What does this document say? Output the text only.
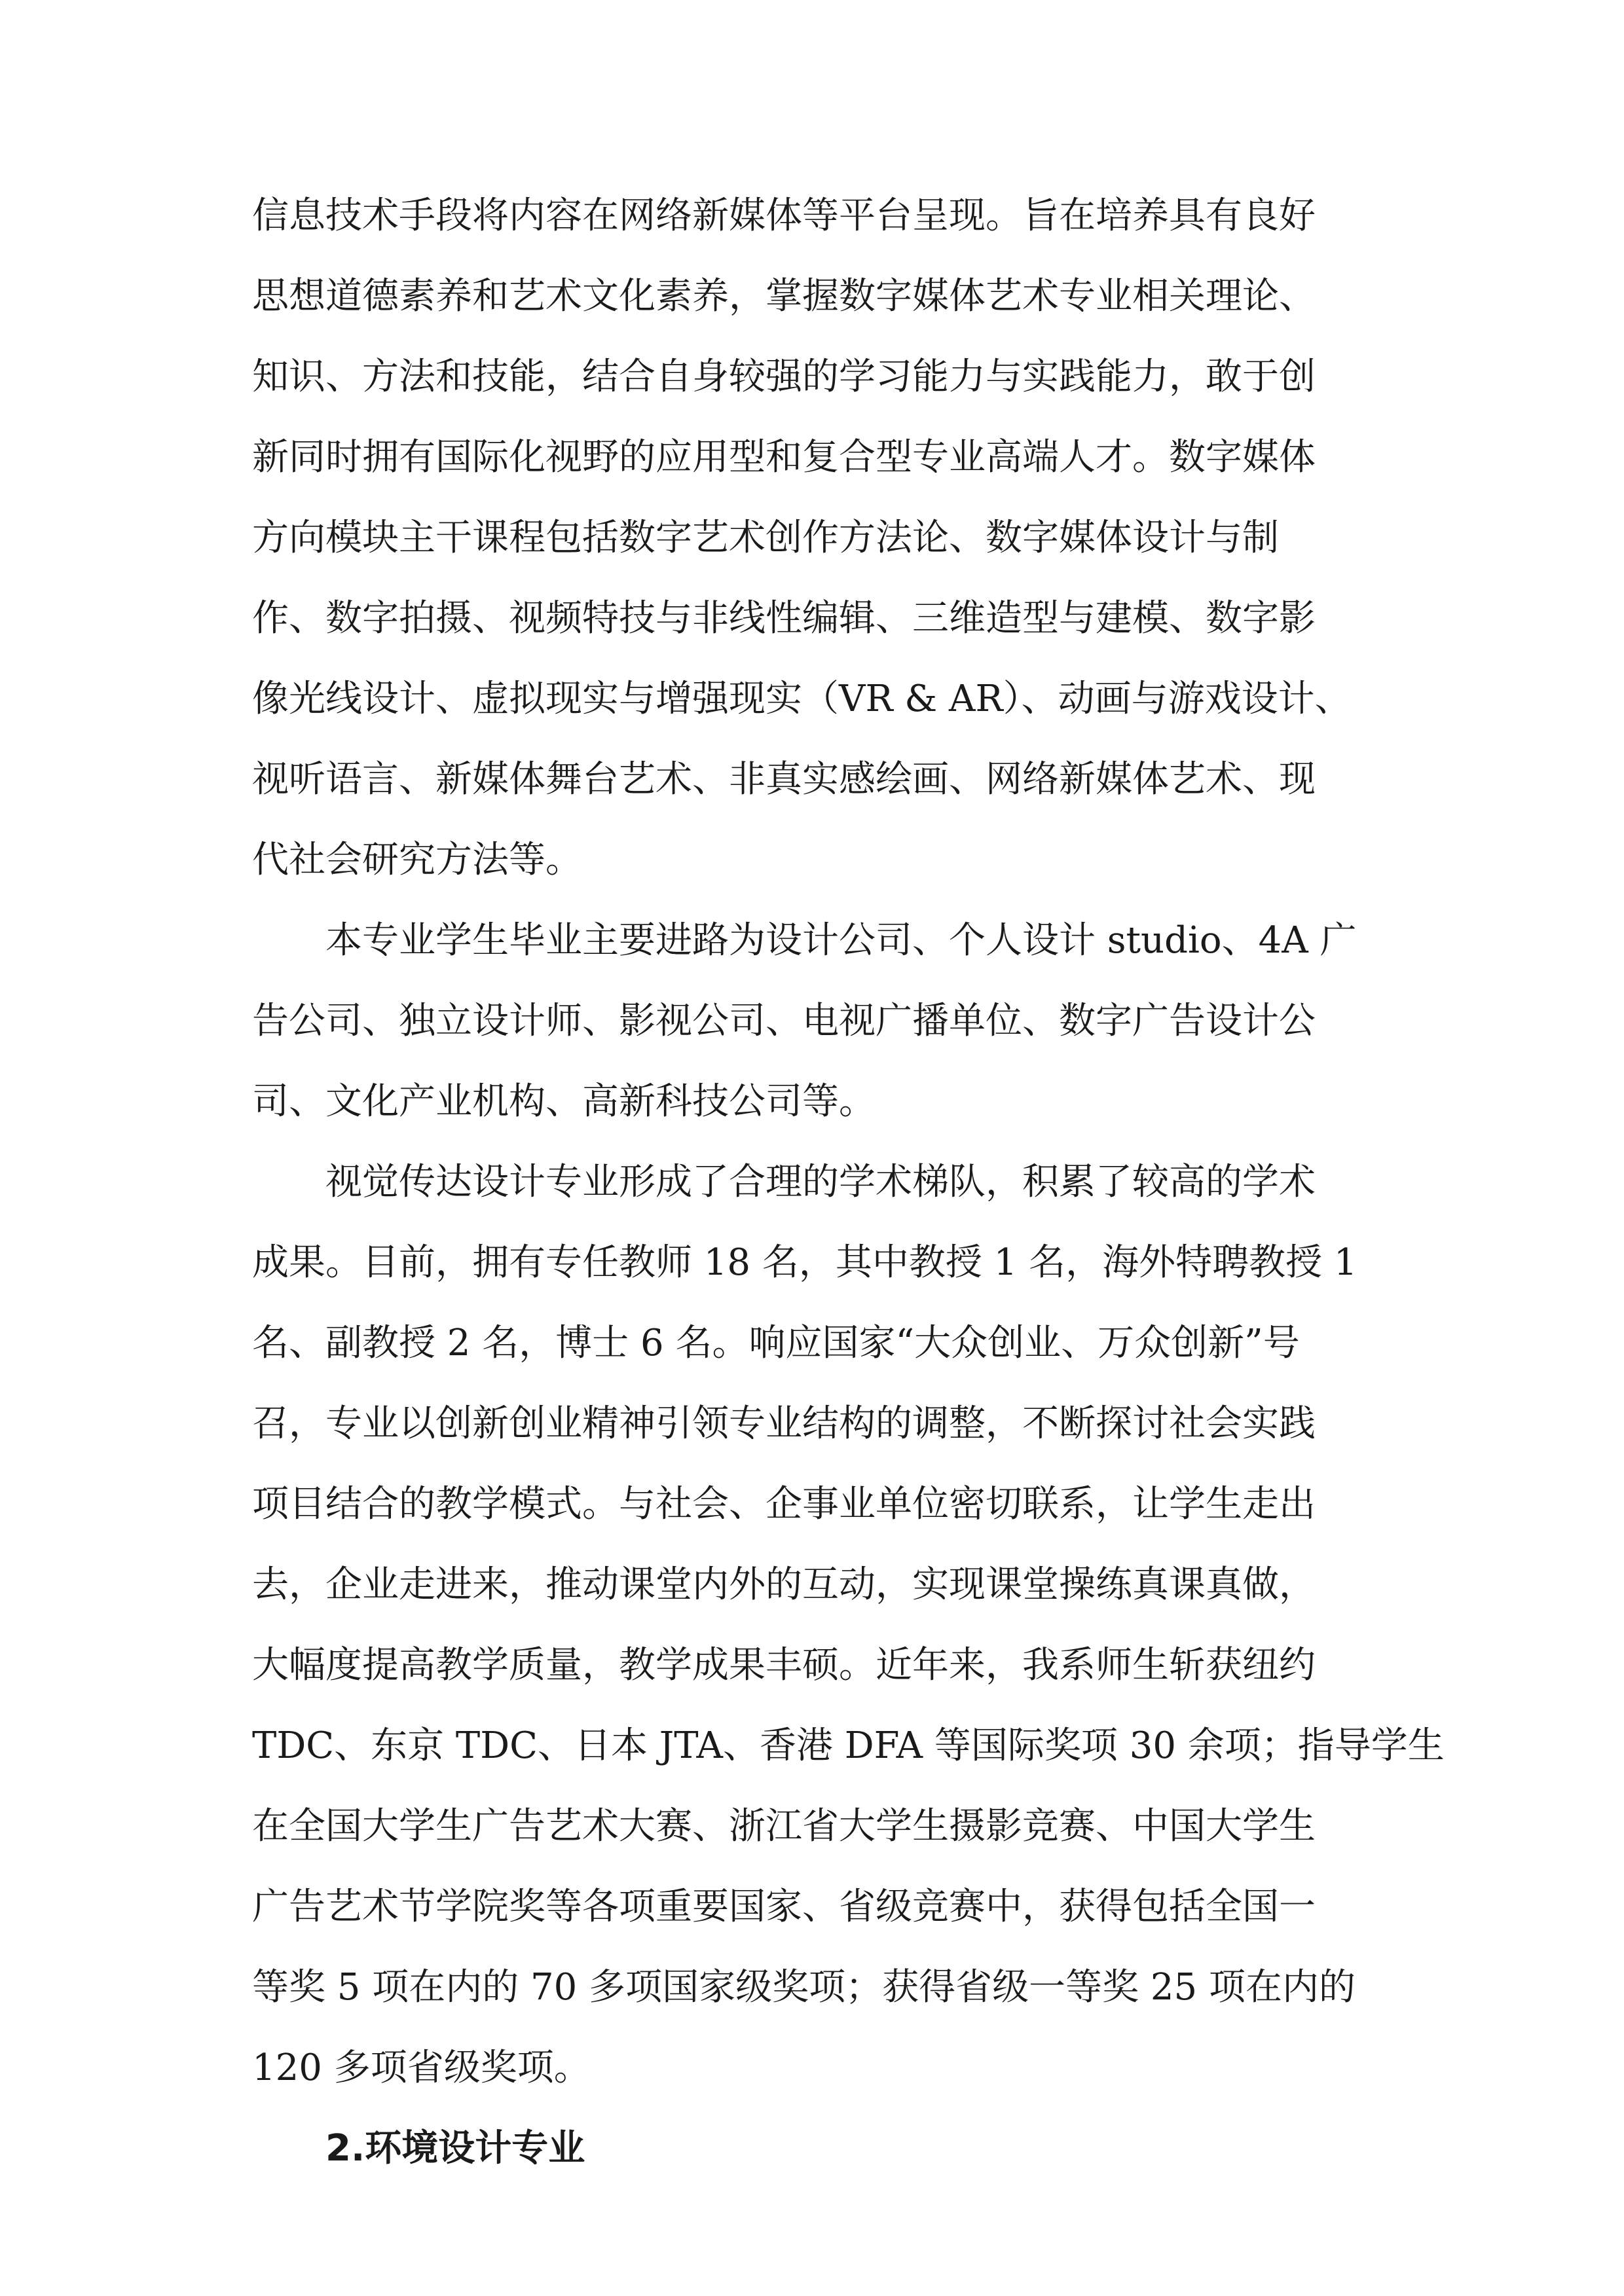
信息技术手段将内容在网络新媒体等平台呈现。旨在培养具有良好
思想道德素养和艺术文化素养，掌握数字媒体艺术专业相关理论、
知识、方法和技能，结合自身较强的学习能力与实践能力，敢于创
新同时拥有国际化视野的应用型和复合型专业高端人才。数字媒体
方向模块主干课程包括数字艺术创作方法论、数字媒体设计与制
作、数字拍摄、视频特技与非线性编辑、三维造型与建模、数字影
像光线设计、虚拟现实与增强现实（VR & AR）、动画与游戏设计、
视听语言、新媒体舞台艺术、非真实感绘画、网络新媒体艺术、现
代社会研究方法等。
本专业学生毕业主要进路为设计公司、个人设计 studio、4A 广
告公司、独立设计师、影视公司、电视广播单位、数字广告设计公
司、文化产业机构、高新科技公司等。
视觉传达设计专业形成了合理的学术梯队，积累了较高的学术
成果。目前，拥有专任教师 18 名，其中教授 1 名，海外特聘教授 1
名、副教授 2 名，博士 6 名。响应国家“大众创业、万众创新”号
召，专业以创新创业精神引领专业结构的调整，不断探讨社会实践
项目结合的教学模式。与社会、企事业单位密切联系，让学生走出
去，企业走进来，推动课堂内外的互动，实现课堂操练真课真做，
大幅度提高教学质量，教学成果丰硕。近年来，我系师生斩获纽约
TDC、东京 TDC、日本 JTA、香港 DFA 等国际奖项 30 余项；指导学生
在全国大学生广告艺术大赛、浙江省大学生摄影竞赛、中国大学生
广告艺术节学院奖等各项重要国家、省级竞赛中，获得包括全国一
等奖 5 项在内的 70 多项国家级奖项；获得省级一等奖 25 项在内的
120 多项省级奖项。
2.环境设计专业
